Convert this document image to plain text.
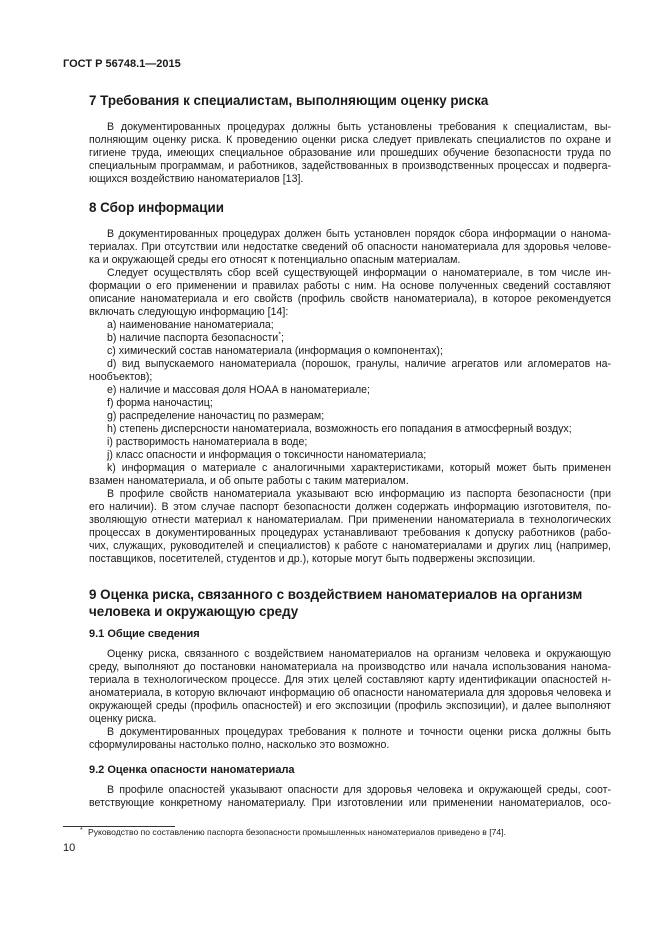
ГОСТ Р 56748.1—2015
7 Требования к специалистам, выполняющим оценку риска
В документированных процедурах должны быть установлены требования к специалистам, вы-
полняющим оценку риска. К проведению оценки риска следует привлекать специалистов по охране и
гигиене труда, имеющих специальное образование или прошедших обучение безопасности труда по
специальным программам, и работников, задействованных в производственных процессах и подверга-
ющихся воздействию наноматериалов [13].
8 Сбор информации
В документированных процедурах должен быть установлен порядок сбора информации о наномa-
териалах. При отсутствии или недостатке сведений об опасности наноматериала для здоровья челове-
ка и окружающей среды его относят к потенциально опасным материалам.
Следует осуществлять сбор всей существующей информации о наноматериале, в том числе ин-
формации о его применении и правилах работы с ним. На основе полученных сведений составляют
описание наноматериала и его свойств (профиль свойств наноматериала), в которое рекомендуется
включать следующую информацию [14]:
a) наименование наноматериала;
b) наличие паспорта безопасности*;
c) химический состав наноматериала (информация о компонентах);
d) вид выпускаемого наноматериала (порошок, гранулы, наличие агрегатов или агломератов на-
нообъектов);
e) наличие и массовая доля НОАА в наноматериале;
f) форма наночастиц;
g) распределение наночастиц по размерам;
h) степень дисперсности наноматериала, возможность его попадания в атмосферный воздух;
i) растворимость наноматериала в воде;
j) класс опасности и информация о токсичности наноматериала;
k) информация о материале с аналогичными характеристиками, который может быть применен
взамен наноматериала, и об опыте работы с таким материалом.
В профиле свойств наноматериала указывают всю информацию из паспорта безопасности (при
его наличии). В этом случае паспорт безопасности должен содержать информацию изготовителя, по-
зволяющую отнести материал к наноматериалам. При применении наноматериала в технологических
процессах в документированных процедурах устанавливают требования к допуску работников (рабо-
чих, служащих, руководителей и специалистов) к работе с наноматериалами и других лиц (например,
поставщиков, посетителей, студентов и др.), которые могут быть подвержены экспозиции.
9 Оценка риска, связанного с воздействием наноматериалов на организм
человека и окружающую среду
9.1 Общие сведения
Оценку риска, связанного с воздействием наноматериалов на организм человека и окружающую
среду, выполняют до постановки наноматериала на производство или начала использования наномa-
териала в технологическом процессе. Для этих целей составляют карту идентификации опасностей н-
аноматериала, в которую включают информацию об опасности наноматериала для здоровья человека и
окружающей среды (профиль опасностей) и его экспозиции (профиль экспозиции), и далее выполняют
оценку риска.
В документированных процедурах требования к полноте и точности оценки риска должны быть
сформулированы настолько полно, насколько это возможно.
9.2 Оценка опасности наноматериала
В профиле опасностей указывают опасности для здоровья человека и окружающей среды, соот-
ветствующие конкретному наноматериалу. При изготовлении или применении наноматериалов, осо-
* Руководство по составлению паспорта безопасности промышленных наноматериалов приведено в [74].
10
